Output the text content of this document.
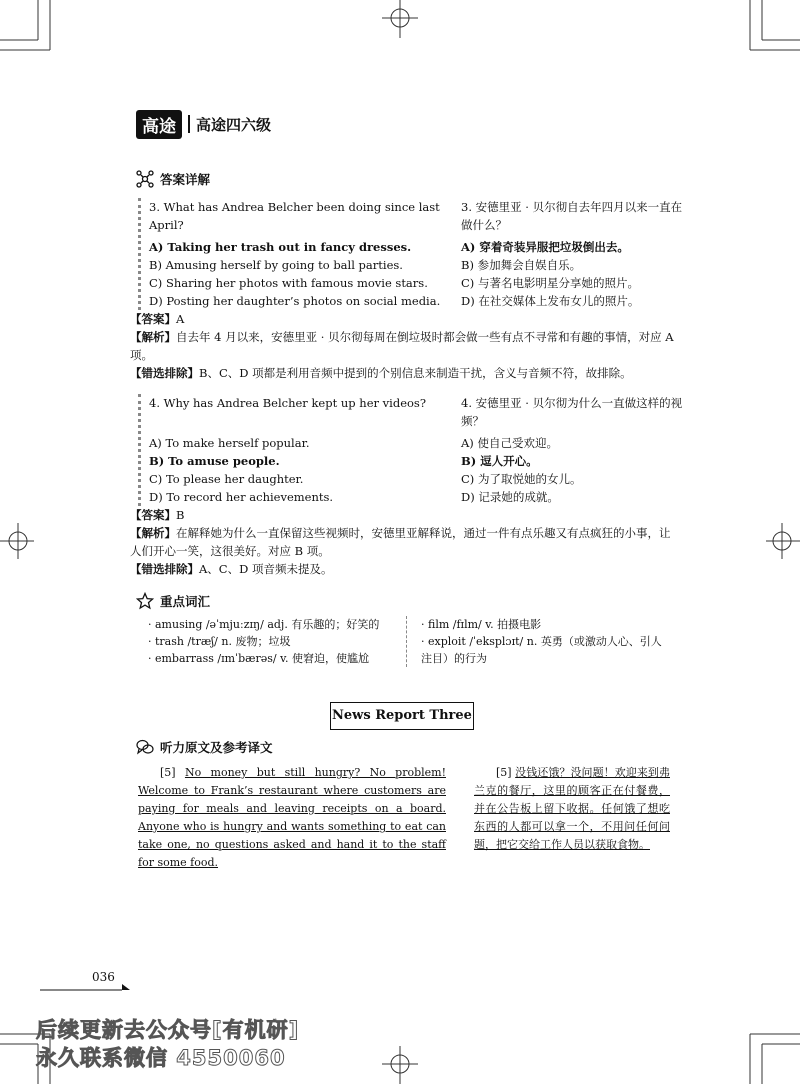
高途	高途四六级
答案详解
3. What has Andrea Belcher been doing since last April?
3. 安德里亚 · 贝尔彻自去年四月以来一直在做什么？
A) Taking her trash out in fancy dresses.	A) 穿着奇装异服把垃圾倒出去。
B) Amusing herself by going to ball parties.	B) 参加舞会自娱自乐。
C) Sharing her photos with famous movie stars.	C) 与著名电影明星分享她的照片。
D) Posting her daughter’s photos on social media.	D) 在社交媒体上发布女儿的照片。
【答案】A
【解析】自去年 4 月以来，安德里亚 · 贝尔彻每周在倒垃圾时都会做一些有点不寻常和有趣的事情，对应 A 项。
【错选排除】B、C、D 项都是利用音频中提到的个别信息来制造干扰，含义与音频不符，故排除。
4. Why has Andrea Belcher kept up her videos?	4. 安德里亚 · 贝尔彻为什么一直做这样的视频？
A) To make herself popular.	A) 使自己受欢迎。
B) To amuse people.	B) 逗人开心。
C) To please her daughter.	C) 为了取悦她的女儿。
D) To record her achievements.	D) 记录她的成就。
【答案】B
【解析】在解释她为什么一直保留这些视频时，安德里亚解释说，通过一件有点乐趣又有点疯狂的小事，让人们开心一笑，这很美好。对应 B 项。
【错选排除】A、C、D 项音频未提及。
重点词汇
· amusing /əˈmjuːzɪŋ/ adj. 有乐趣的；好笑的
· trash /træʃ/ n. 废物；垃圾
· embarrass /ɪmˈbærəs/ v. 使窘迫，使尴尬
· film /fɪlm/ v. 拍摄电影
· exploit /ˈeksplɔɪt/ n. 英勇（或激动人心、引人注目）的行为
News Report Three
听力原文及参考译文
[5] No money but still hungry? No problem! Welcome to Frank’s restaurant where customers are paying for meals and leaving receipts on a board. Anyone who is hungry and wants something to eat can take one, no questions asked and hand it to the staff for some food.
[5] 没钱还饿？没问题！欢迎来到弗兰克的餐厅，这里的顾客正在付餐费，并在公告板上留下收据。任何饿了想吃东西的人都可以拿一个，不用问任何问题，把它交给工作人员以获取食物。
036
后续更新去公众号[有机研]
永久联系微信 4550060
